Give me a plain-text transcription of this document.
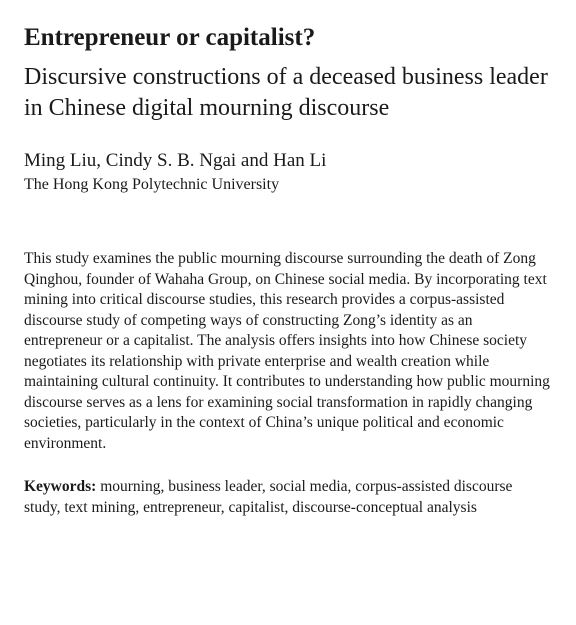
Entrepreneur or capitalist?
Discursive constructions of a deceased business leader in Chinese digital mourning discourse
Ming Liu, Cindy S. B. Ngai and Han Li
The Hong Kong Polytechnic University

This study examines the public mourning discourse surrounding the death of Zong Qinghou, founder of Wahaha Group, on Chinese social media. By incorporating text mining into critical discourse studies, this research provides a corpus-assisted discourse study of competing ways of constructing Zong’s identity as an entrepreneur or a capitalist. The analysis offers insights into how Chinese society negotiates its relationship with private enterprise and wealth creation while maintaining cultural continuity. It contributes to understanding how public mourning discourse serves as a lens for examining social transformation in rapidly changing societies, particularly in the context of China’s unique political and economic environment.

Keywords: mourning, business leader, social media, corpus-assisted discourse study, text mining, entrepreneur, capitalist, discourse-conceptual analysis
